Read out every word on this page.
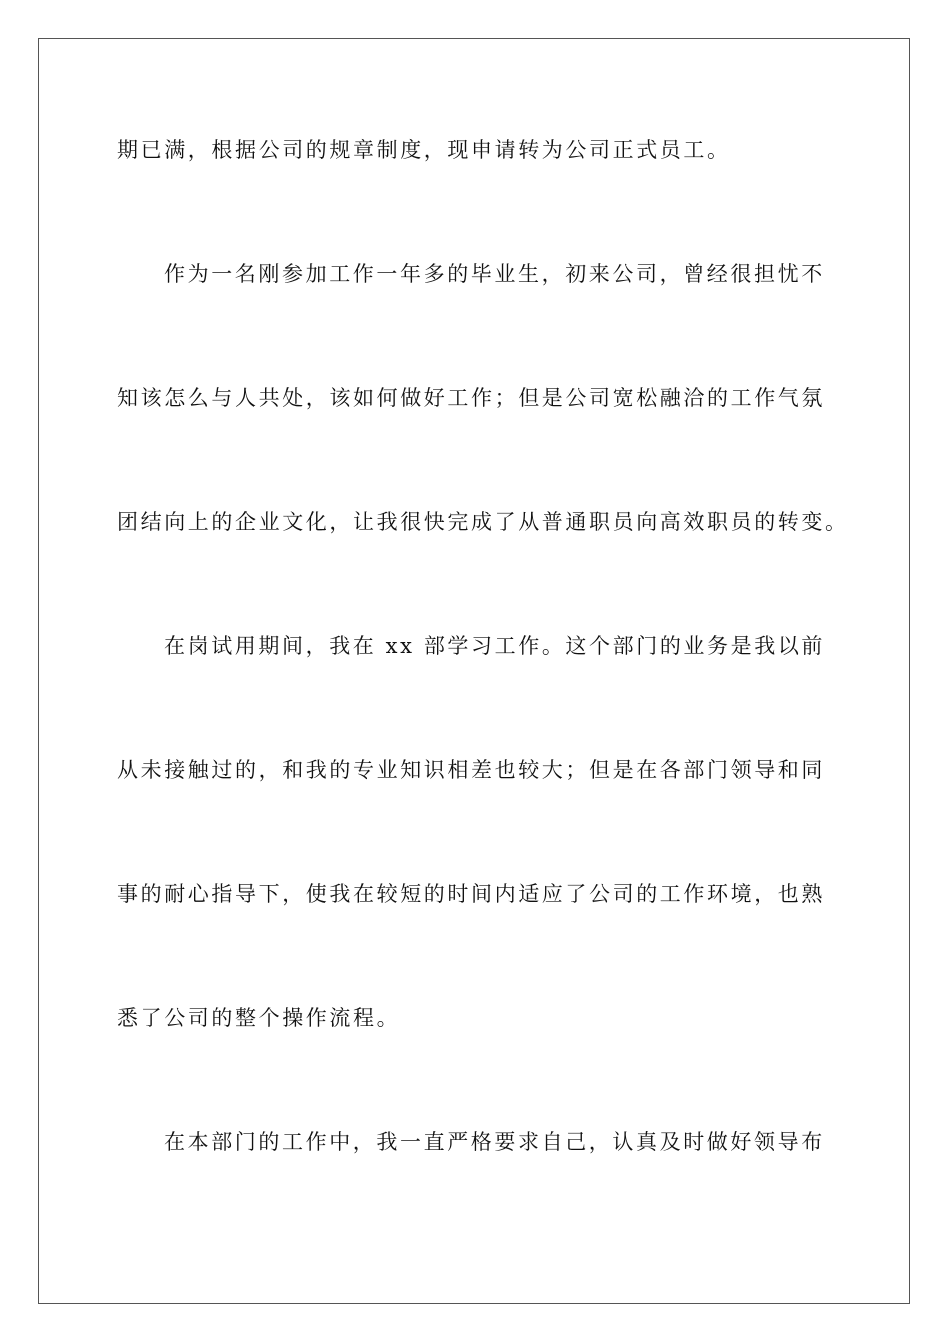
期已满，根据公司的规章制度，现申请转为公司正式员工。
作为一名刚参加工作一年多的毕业生，初来公司，曾经很担忧不
知该怎么与人共处，该如何做好工作；但是公司宽松融洽的工作气氛
团结向上的企业文化，让我很快完成了从普通职员向高效职员的转变。
在岗试用期间，我在 xx 部学习工作。这个部门的业务是我以前
从未接触过的，和我的专业知识相差也较大；但是在各部门领导和同
事的耐心指导下，使我在较短的时间内适应了公司的工作环境，也熟
悉了公司的整个操作流程。
在本部门的工作中，我一直严格要求自己，认真及时做好领导布
